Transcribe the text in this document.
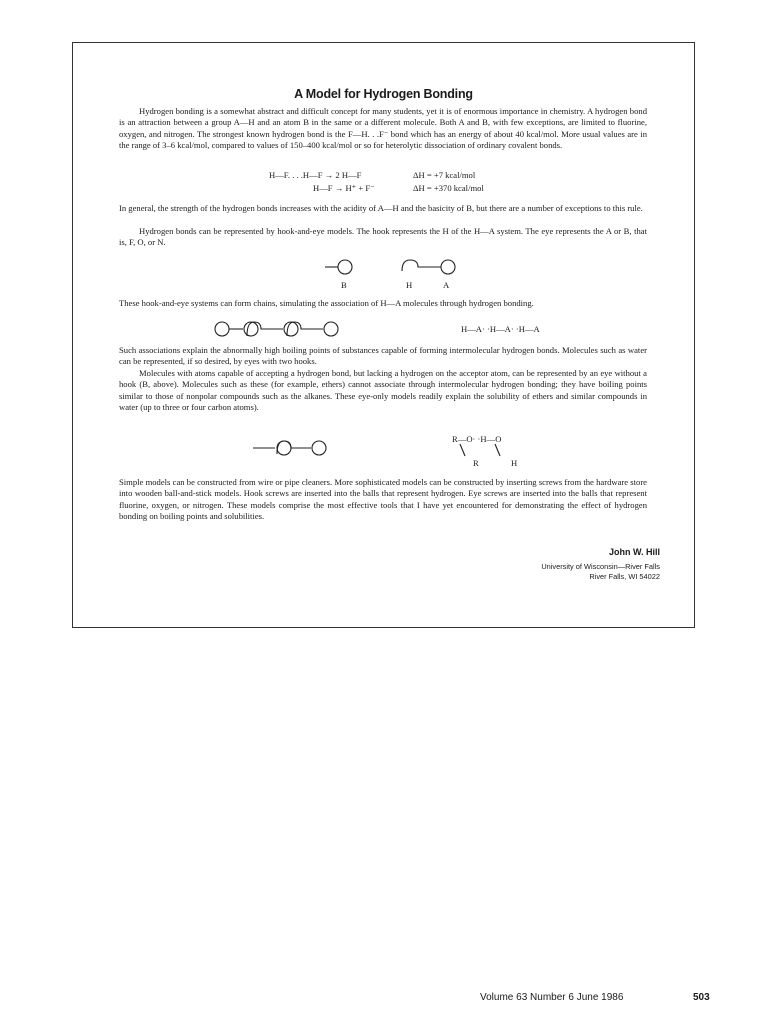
A Model for Hydrogen Bonding

Hydrogen bonding is a somewhat abstract and difficult concept for many students, yet it is of enormous importance in chemistry. A hydrogen bond is an attraction between a group A—H and an atom B in the same or a different molecule. Both A and B, with few exceptions, are limited to fluorine, oxygen, and nitrogen. The strongest known hydrogen bond is the F—H. . .F⁻ bond which has an energy of about 40 kcal/mol. More usual values are in the range of 3–6 kcal/mol, compared to values of 150–400 kcal/mol or so for heterolytic dissociation of ordinary covalent bonds.

H—F. . . .H—F → 2 H—F	ΔH = +7 kcal/mol
H—F → H⁺ + F⁻	ΔH = +370 kcal/mol

In general, the strength of the hydrogen bonds increases with the acidity of A—H and the basicity of B, but there are a number of exceptions to this rule.

Hydrogen bonds can be represented by hook-and-eye models. The hook represents the H of the H—A system. The eye represents the A or B, that is, F, O, or N.

B	H	A

These hook-and-eye systems can form chains, simulating the association of H—A molecules through hydrogen bonding.

H—A· ·H—A· ·H—A

Such associations explain the abnormally high boiling points of substances capable of forming intermolecular hydrogen bonds. Molecules such as water can be represented, if so desired, by eyes with two hooks.

Molecules with atoms capable of accepting a hydrogen bond, but lacking a hydrogen on the acceptor atom, can be represented by an eye without a hook (B, above). Molecules such as these (for example, ethers) cannot associate through intermolecular hydrogen bonding; they have boiling points similar to those of nonpolar compounds such as the alkanes. These eye-only models readily explain the solubility of ethers and similar compounds in water (up to three or four carbon atoms).

R—O· ·H—O
R	H

Simple models can be constructed from wire or pipe cleaners. More sophisticated models can be constructed by inserting screws from the hardware store into wooden ball-and-stick models. Hook screws are inserted into the balls that represent hydrogen. Eye screws are inserted into the balls that represent fluorine, oxygen, or nitrogen. These models comprise the most effective tools that I have yet encountered for demonstrating the effect of hydrogen bonding on boiling points and solubilities.

John W. Hill
University of Wisconsin—River Falls
River Falls, WI 54022
Volume 63 Number 6 June 1986	503
